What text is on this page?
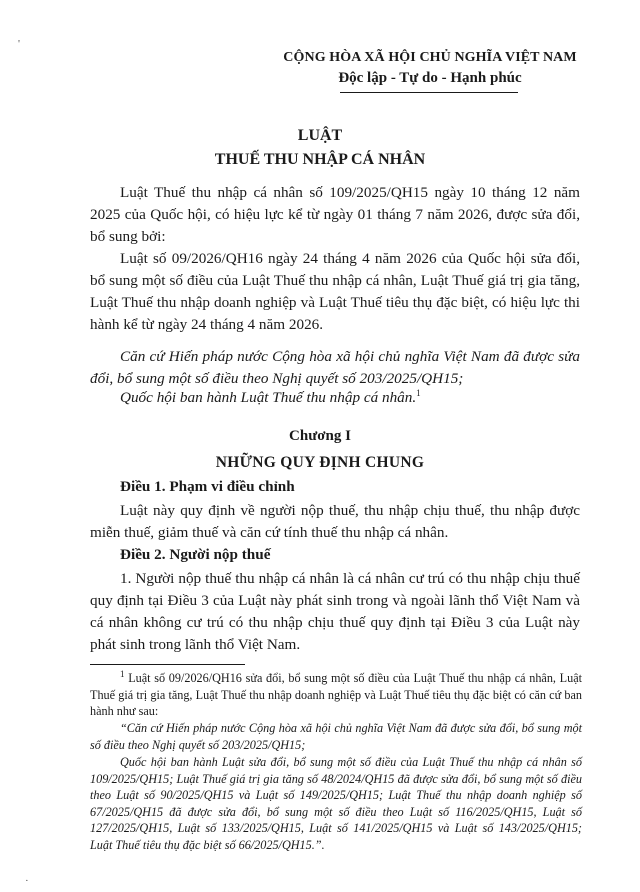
'
·
CỘNG HÒA XÃ HỘI CHỦ NGHĨA VIỆT NAM
Độc lập - Tự do - Hạnh phúc
LUẬT
THUẾ THU NHẬP CÁ NHÂN
Luật Thuế thu nhập cá nhân số 109/2025/QH15 ngày 10 tháng 12 năm 2025 của Quốc hội, có hiệu lực kể từ ngày 01 tháng 7 năm 2026, được sửa đổi, bổ sung bởi:
Luật số 09/2026/QH16 ngày 24 tháng 4 năm 2026 của Quốc hội sửa đổi, bổ sung một số điều của Luật Thuế thu nhập cá nhân, Luật Thuế giá trị gia tăng, Luật Thuế thu nhập doanh nghiệp và Luật Thuế tiêu thụ đặc biệt, có hiệu lực thi hành kể từ ngày 24 tháng 4 năm 2026.
Căn cứ Hiến pháp nước Cộng hòa xã hội chủ nghĩa Việt Nam đã được sửa đổi, bổ sung một số điều theo Nghị quyết số 203/2025/QH15;
Quốc hội ban hành Luật Thuế thu nhập cá nhân.$^1$
Chương I
NHỮNG QUY ĐỊNH CHUNG
Điều 1. Phạm vi điều chỉnh
Luật này quy định về người nộp thuế, thu nhập chịu thuế, thu nhập được miễn thuế, giảm thuế và căn cứ tính thuế thu nhập cá nhân.
Điều 2. Người nộp thuế
1. Người nộp thuế thu nhập cá nhân là cá nhân cư trú có thu nhập chịu thuế quy định tại Điều 3 của Luật này phát sinh trong và ngoài lãnh thổ Việt Nam và cá nhân không cư trú có thu nhập chịu thuế quy định tại Điều 3 của Luật này phát sinh trong lãnh thổ Việt Nam.
$^1$ Luật số 09/2026/QH16 sửa đổi, bổ sung một số điều của Luật Thuế thu nhập cá nhân, Luật Thuế giá trị gia tăng, Luật Thuế thu nhập doanh nghiệp và Luật Thuế tiêu thụ đặc biệt có căn cứ ban hành như sau:
“Căn cứ Hiến pháp nước Cộng hòa xã hội chủ nghĩa Việt Nam đã được sửa đổi, bổ sung một số điều theo Nghị quyết số 203/2025/QH15;
Quốc hội ban hành Luật sửa đổi, bổ sung một số điều của Luật Thuế thu nhập cá nhân số 109/2025/QH15; Luật Thuế giá trị gia tăng số 48/2024/QH15 đã được sửa đổi, bổ sung một số điều theo Luật số 90/2025/QH15 và Luật số 149/2025/QH15; Luật Thuế thu nhập doanh nghiệp số 67/2025/QH15 đã được sửa đổi, bổ sung một số điều theo Luật số 116/2025/QH15, Luật số 127/2025/QH15, Luật số 133/2025/QH15, Luật số 141/2025/QH15 và Luật số 143/2025/QH15; Luật Thuế tiêu thụ đặc biệt số 66/2025/QH15.”.
